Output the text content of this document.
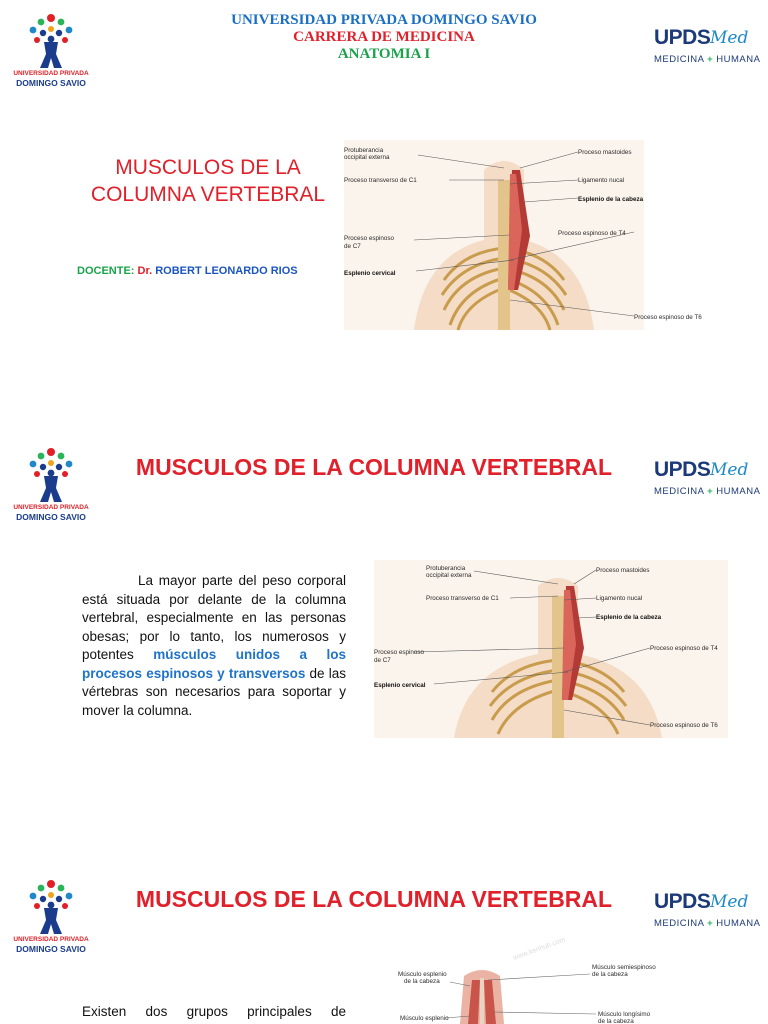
UNIVERSIDAD PRIVADA
DOMINGO SAVIO
UNIVERSIDAD PRIVADA DOMINGO SAVIO
CARRERA DE MEDICINA
ANATOMIA I
UPDS Med
MEDICINA + HUMANA
MUSCULOS DE LA
COLUMNA VERTEBRAL
DOCENTE: Dr. ROBERT LEONARDO RIOS
Protuberancia
occipital externa
Proceso transverso de C1
Proceso espinoso
de C7
Esplenio cervical
Proceso mastoides
Ligamento nucal
Esplenio de la cabeza
Proceso espinoso de T4
Proceso espinoso de T6
UNIVERSIDAD PRIVADA
DOMINGO SAVIO
MUSCULOS DE LA COLUMNA VERTEBRAL	UPDS Med
MEDICINA + HUMANA

La mayor parte del peso corporal está situada por delante de la columna vertebral, especialmente en las personas obesas; por lo tanto, los numerosos y potentes músculos unidos a los procesos espinosos y transversos de las vértebras son necesarios para soportar y mover la columna.

Protuberancia
occipital externa
Proceso transverso de C1
Proceso espinoso
de C7
Esplenio cervical
Proceso mastoides
Ligamento nucal
Esplenio de la cabeza
Proceso espinoso de T4
Proceso espinoso de T6
UNIVERSIDAD PRIVADA
DOMINGO SAVIO
MUSCULOS DE LA COLUMNA VERTEBRAL	UPDS Med
MEDICINA + HUMANA

Existen dos grupos principales de

Músculo esplenio
de la cabeza
Músculo semiespinoso
de la cabeza
Músculo esplenio
Músculo longísimo
de la cabeza
www.kenhub.com
